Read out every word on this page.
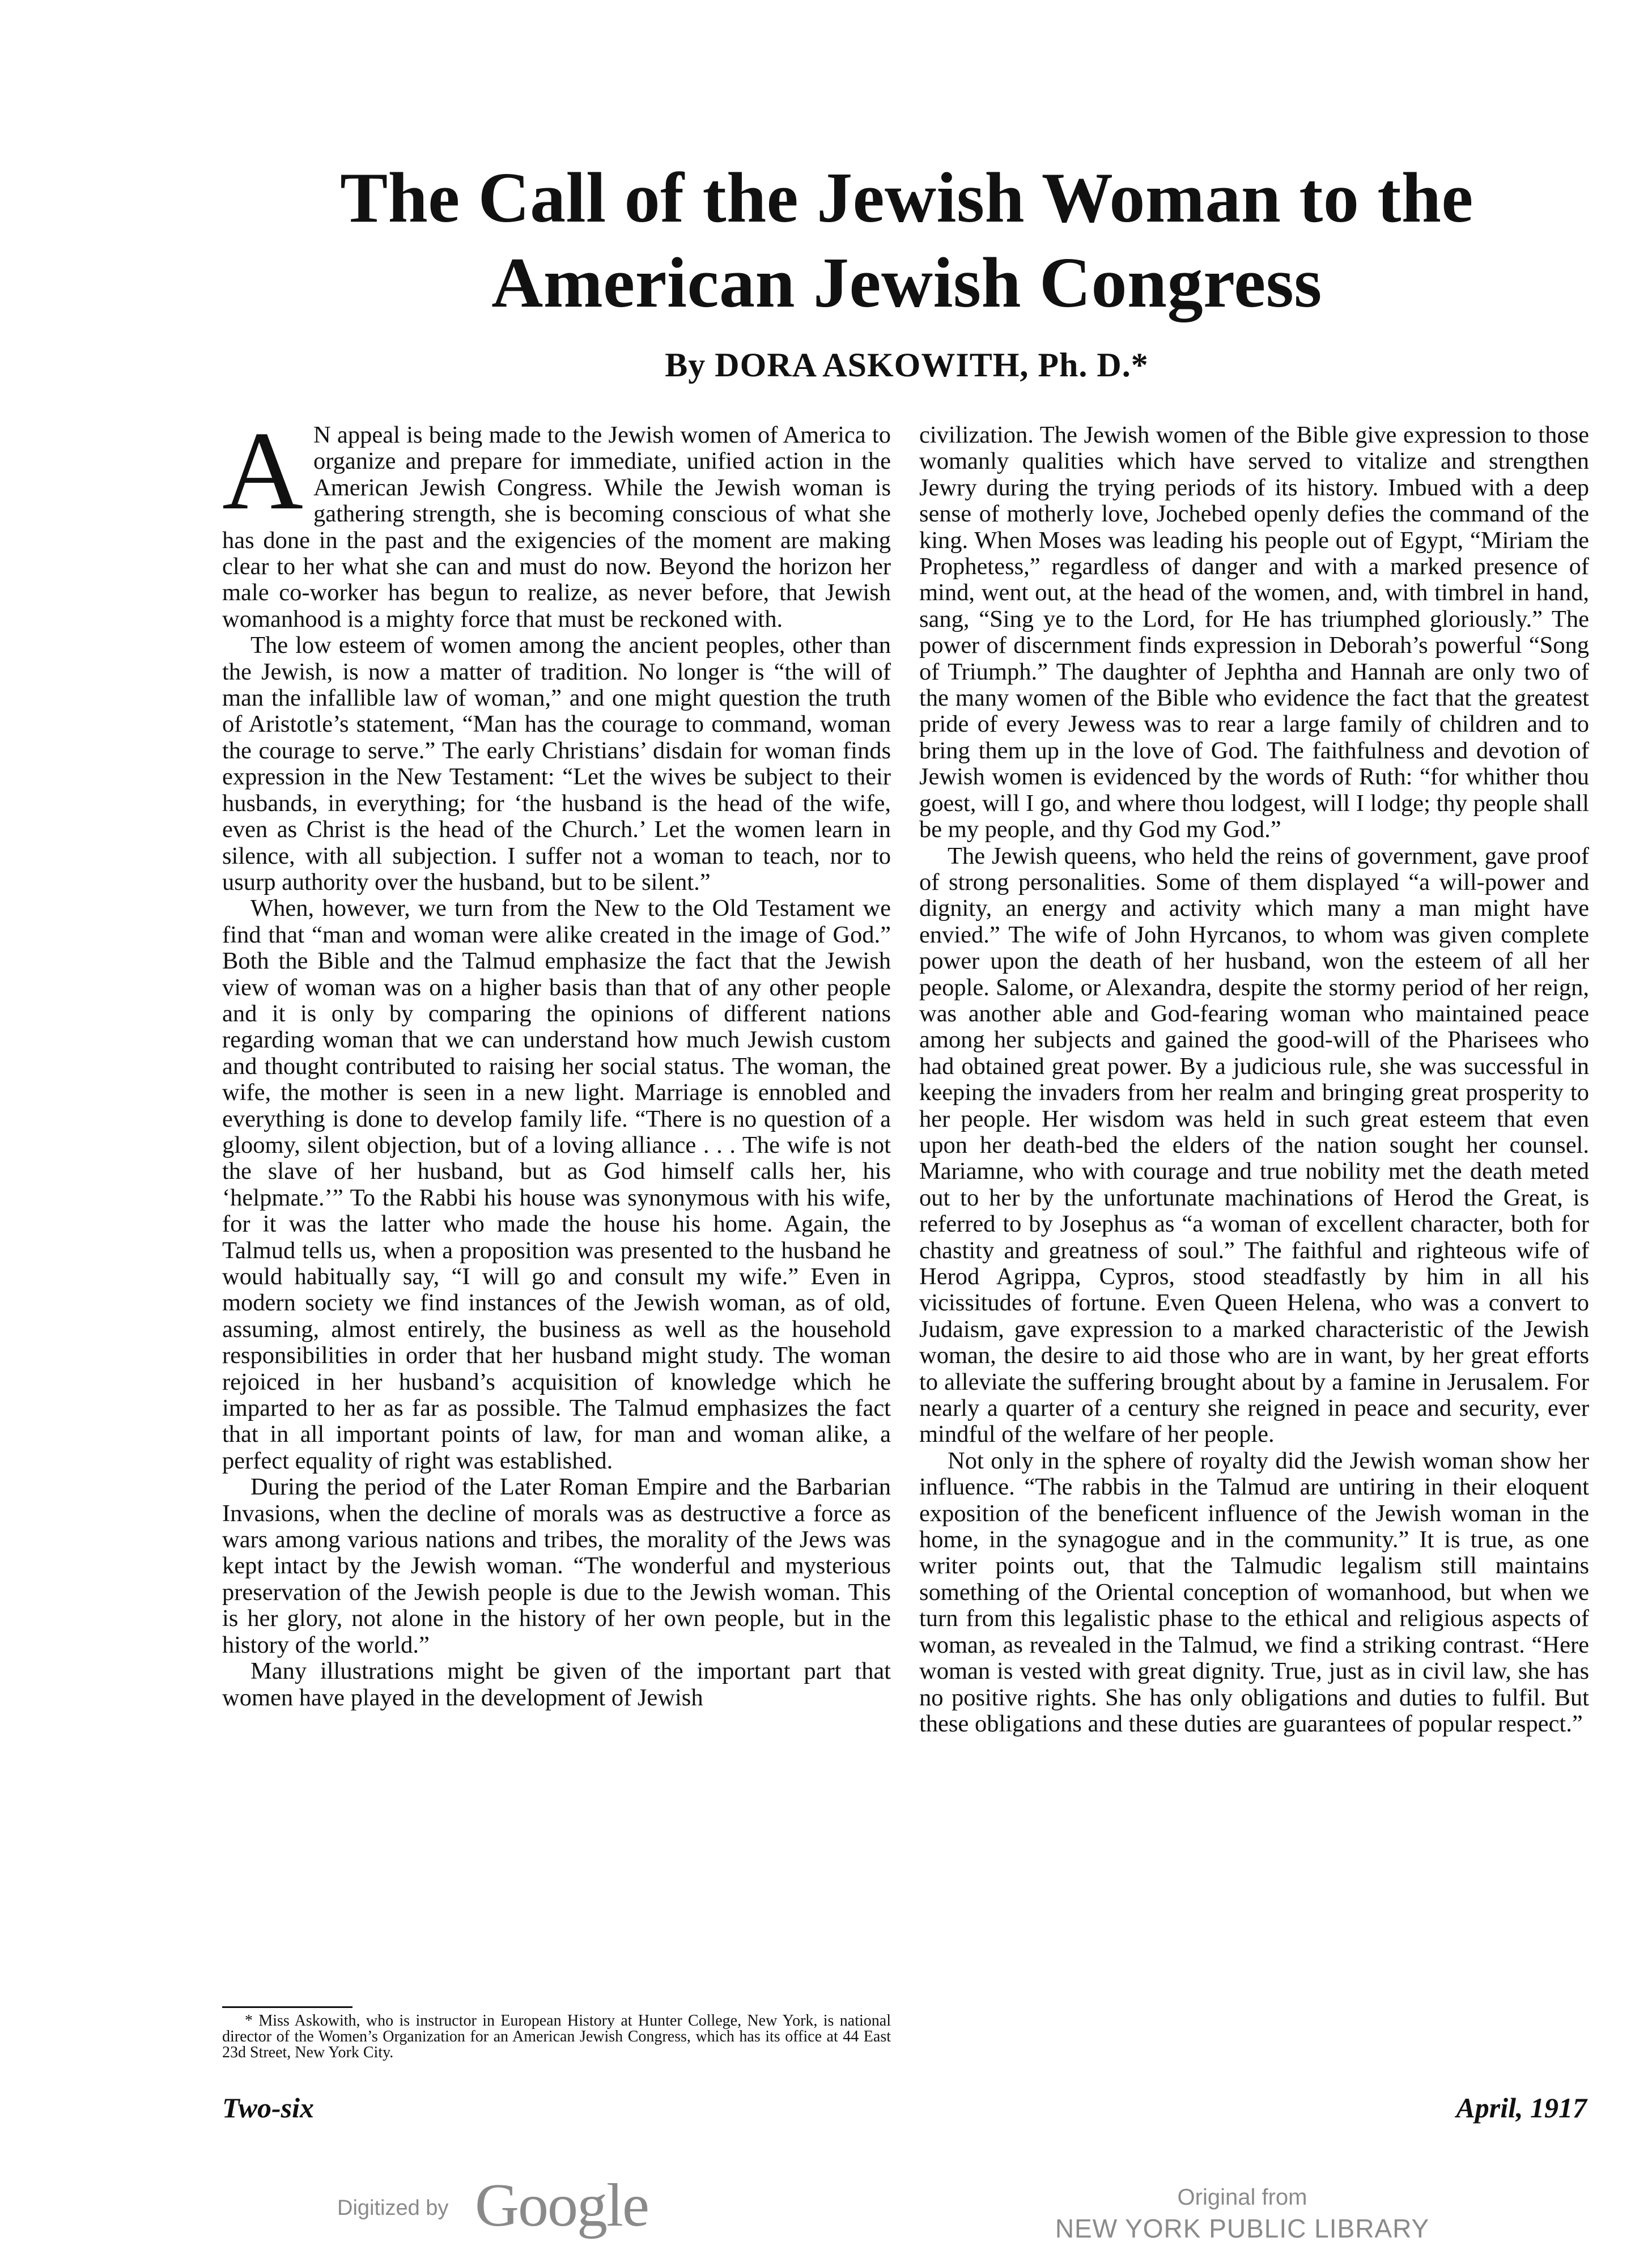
The Call of the Jewish Woman to the
American Jewish Congress

By DORA ASKOWITH, Ph. D.*

A N appeal is being made to the Jewish women of America to organize and prepare for immediate, unified action in the American Jewish Congress. While the Jewish woman is gathering strength, she is becoming conscious of what she has done in the past and the exigencies of the moment are making clear to her what she can and must do now. Beyond the horizon her male co-worker has begun to realize, as never before, that Jewish womanhood is a mighty force that must be reckoned with.

The low esteem of women among the ancient peoples, other than the Jewish, is now a matter of tradition. No longer is “the will of man the infallible law of woman,” and one might question the truth of Aristotle’s statement, “Man has the courage to command, woman the courage to serve.” The early Christians’ disdain for woman finds expression in the New Testament: “Let the wives be subject to their husbands, in everything; for ‘the husband is the head of the wife, even as Christ is the head of the Church.’ Let the women learn in silence, with all subjection. I suffer not a woman to teach, nor to usurp authority over the husband, but to be silent.”

When, however, we turn from the New to the Old Testament we find that “man and woman were alike created in the image of God.” Both the Bible and the Talmud emphasize the fact that the Jewish view of woman was on a higher basis than that of any other people and it is only by comparing the opinions of different nations regarding woman that we can understand how much Jewish custom and thought contributed to raising her social status. The woman, the wife, the mother is seen in a new light. Marriage is ennobled and everything is done to develop family life. “There is no question of a gloomy, silent objection, but of a loving alliance . . . The wife is not the slave of her husband, but as God himself calls her, his ‘helpmate.’” To the Rabbi his house was synonymous with his wife, for it was the latter who made the house his home. Again, the Talmud tells us, when a proposition was presented to the husband he would habitually say, “I will go and consult my wife.” Even in modern society we find instances of the Jewish woman, as of old, assuming, almost entirely, the business as well as the household responsibilities in order that her husband might study. The woman rejoiced in her husband’s acquisition of knowledge which he imparted to her as far as possible. The Talmud emphasizes the fact that in all important points of law, for man and woman alike, a perfect equality of right was established.

During the period of the Later Roman Empire and the Barbarian Invasions, when the decline of morals was as destructive a force as wars among various nations and tribes, the morality of the Jews was kept intact by the Jewish woman. “The wonderful and mysterious preservation of the Jewish people is due to the Jewish woman. This is her glory, not alone in the history of her own people, but in the history of the world.”

Many illustrations might be given of the important part that women have played in the development of Jewish

civilization. The Jewish women of the Bible give expression to those womanly qualities which have served to vitalize and strengthen Jewry during the trying periods of its history. Imbued with a deep sense of motherly love, Jochebed openly defies the command of the king. When Moses was leading his people out of Egypt, “Miriam the Prophetess,” regardless of danger and with a marked presence of mind, went out, at the head of the women, and, with timbrel in hand, sang, “Sing ye to the Lord, for He has triumphed gloriously.” The power of discernment finds expression in Deborah’s powerful “Song of Triumph.” The daughter of Jephtha and Hannah are only two of the many women of the Bible who evidence the fact that the greatest pride of every Jewess was to rear a large family of children and to bring them up in the love of God. The faithfulness and devotion of Jewish women is evidenced by the words of Ruth: “for whither thou goest, will I go, and where thou lodgest, will I lodge; thy people shall be my people, and thy God my God.”

The Jewish queens, who held the reins of government, gave proof of strong personalities. Some of them displayed “a will-power and dignity, an energy and activity which many a man might have envied.” The wife of John Hyrcanos, to whom was given complete power upon the death of her husband, won the esteem of all her people. Salome, or Alexandra, despite the stormy period of her reign, was another able and God-fearing woman who maintained peace among her subjects and gained the good-will of the Pharisees who had obtained great power. By a judicious rule, she was successful in keeping the invaders from her realm and bringing great prosperity to her people. Her wisdom was held in such great esteem that even upon her death-bed the elders of the nation sought her counsel. Mariamne, who with courage and true nobility met the death meted out to her by the unfortunate machinations of Herod the Great, is referred to by Josephus as “a woman of excellent character, both for chastity and greatness of soul.” The faithful and righteous wife of Herod Agrippa, Cypros, stood steadfastly by him in all his vicissitudes of fortune. Even Queen Helena, who was a convert to Judaism, gave expression to a marked characteristic of the Jewish woman, the desire to aid those who are in want, by her great efforts to alleviate the suffering brought about by a famine in Jerusalem. For nearly a quarter of a century she reigned in peace and security, ever mindful of the welfare of her people.

Not only in the sphere of royalty did the Jewish woman show her influence. “The rabbis in the Talmud are untiring in their eloquent exposition of the beneficent influence of the Jewish woman in the home, in the synagogue and in the community.” It is true, as one writer points out, that the Talmudic legalism still maintains something of the Oriental conception of womanhood, but when we turn from this legalistic phase to the ethical and religious aspects of woman, as revealed in the Talmud, we find a striking contrast. “Here woman is vested with great dignity. True, just as in civil law, she has no positive rights. She has only obligations and duties to fulfil. But these obligations and these duties are guarantees of popular respect.”

* Miss Askowith, who is instructor in European History at Hunter College, New York, is national director of the Women’s Organization for an American Jewish Congress, which has its office at 44 East 23d Street, New York City.

Two-six	April, 1917

Digitized by Google	Original from
NEW YORK PUBLIC LIBRARY
